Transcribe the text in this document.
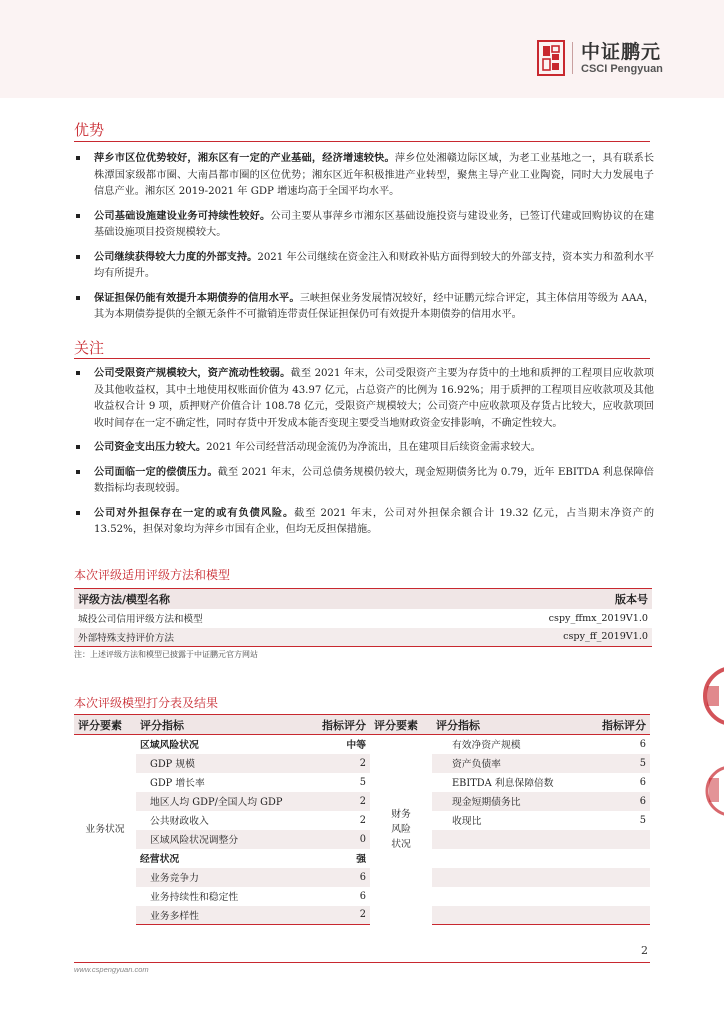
中证鹏元
CSCI Pengyuan
优势
萍乡市区位优势较好，湘东区有一定的产业基础，经济增速较快。萍乡位处湘赣边际区域，为老工业基地之一，具有联系长株潭国家级都市圈、大南昌都市圈的区位优势；湘东区近年积极推进产业转型，聚焦主导产业工业陶瓷，同时大力发展电子信息产业。湘东区 2019-2021 年 GDP 增速均高于全国平均水平。
公司基础设施建设业务可持续性较好。公司主要从事萍乡市湘东区基础设施投资与建设业务，已签订代建或回购协议的在建基础设施项目投资规模较大。
公司继续获得较大力度的外部支持。2021 年公司继续在资金注入和财政补贴方面得到较大的外部支持，资本实力和盈利水平均有所提升。
保证担保仍能有效提升本期债券的信用水平。三峡担保业务发展情况较好，经中证鹏元综合评定，其主体信用等级为 AAA，其为本期债券提供的全额无条件不可撤销连带责任保证担保仍可有效提升本期债券的信用水平。
关注
公司受限资产规模较大，资产流动性较弱。截至 2021 年末，公司受限资产主要为存货中的土地和质押的工程项目应收款项及其他收益权，其中土地使用权账面价值为 43.97 亿元，占总资产的比例为 16.92%；用于质押的工程项目应收款项及其他收益权合计 9 项，质押财产价值合计 108.78 亿元，受限资产规模较大；公司资产中应收款项及存货占比较大，应收款项回收时间存在一定不确定性，同时存货中开发成本能否变现主要受当地财政资金安排影响，不确定性较大。
公司资金支出压力较大。2021 年公司经营活动现金流仍为净流出，且在建项目后续资金需求较大。
公司面临一定的偿债压力。截至 2021 年末，公司总债务规模仍较大，现金短期债务比为 0.79，近年 EBITDA 利息保障倍数指标均表现较弱。
公司对外担保存在一定的或有负债风险。截至 2021 年末，公司对外担保余额合计 19.32 亿元，占当期末净资产的 13.52%，担保对象均为萍乡市国有企业，但均无反担保措施。
本次评级适用评级方法和模型
评级方法/模型名称	版本号
城投公司信用评级方法和模型	cspy_ffmx_2019V1.0
外部特殊支持评价方法	cspy_ff_2019V1.0
注：上述评级方法和模型已披露于中证鹏元官方网站
本次评级模型打分表及结果
评分要素	评分指标	指标评分	评分要素	评分指标	指标评分
业务状况	区域风险状况	中等	财务风险状况	有效净资产规模	6
	GDP 规模	2		资产负债率	5
	GDP 增长率	5		EBITDA 利息保障倍数	6
	地区人均 GDP/全国人均 GDP	2		现金短期债务比	6
	公共财政收入	2		收现比	5
	区域风险状况调整分	0			
	经营状况	强			
	业务竞争力	6			
	业务持续性和稳定性	6			
	业务多样性	2			
2
www.cspengyuan.com
